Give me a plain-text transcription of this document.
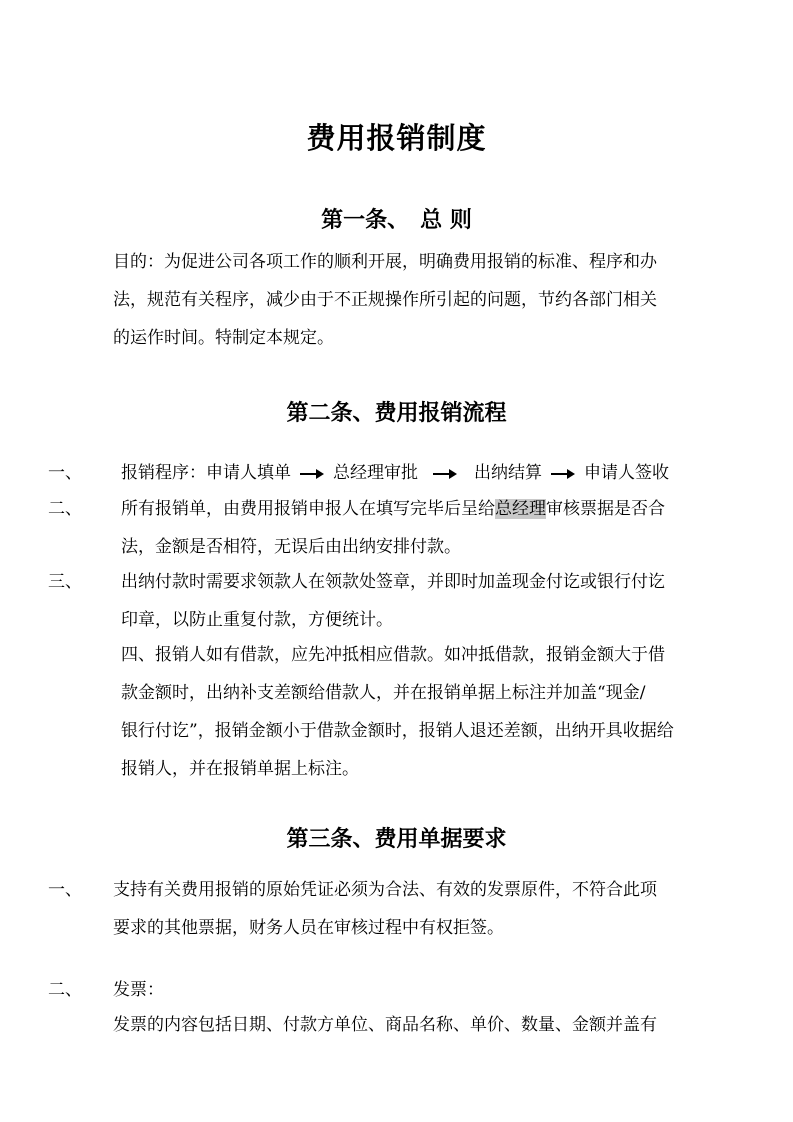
费用报销制度
第一条、　总 则
目的：为促进公司各项工作的顺利开展，明确费用报销的标准、程序和办
法，规范有关程序，减少由于不正规操作所引起的问题，节约各部门相关
的运作时间。特制定本规定。
第二条、费用报销流程
一、 报销程序：申请人填单 总经理审批	出纳结算 申请人签收
二、 所有报销单，由费用报销申报人在填写完毕后呈给总经理审核票据是否合
法，金额是否相符，无误后由出纳安排付款。
三、 出纳付款时需要求领款人在领款处签章，并即时加盖现金付讫或银行付讫
印章，以防止重复付款，方便统计。
四、报销人如有借款，应先冲抵相应借款。如冲抵借款，报销金额大于借
款金额时，出纳补支差额给借款人，并在报销单据上标注并加盖“现金/
银行付讫”，报销金额小于借款金额时，报销人退还差额，出纳开具收据给
报销人，并在报销单据上标注。
第三条、费用单据要求
一、 支持有关费用报销的原始凭证必须为合法、有效的发票原件，不符合此项
要求的其他票据，财务人员在审核过程中有权拒签。
二、 发票：
发票的内容包括日期、付款方单位、商品名称、单价、数量、金额并盖有
